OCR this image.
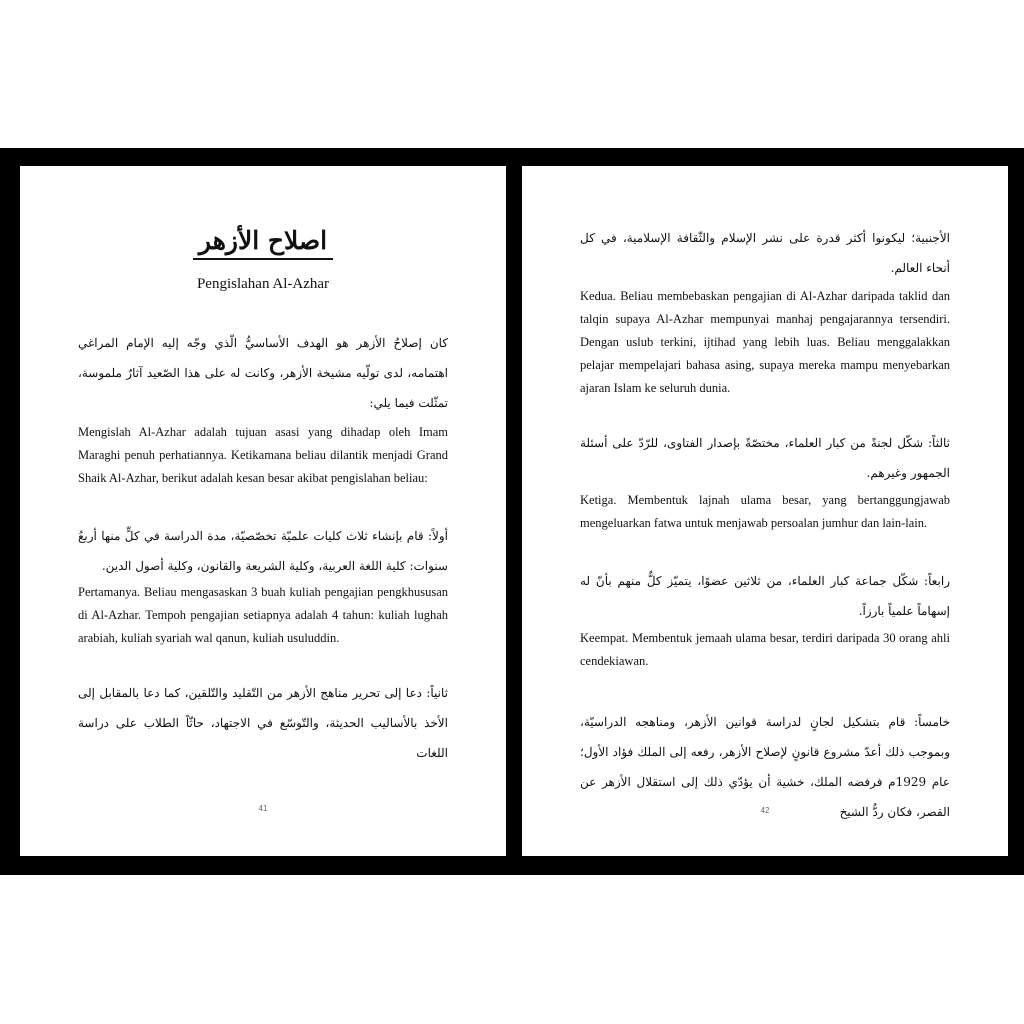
اصلاح الأزهر
Pengislahan Al-Azhar
كان إصلاحُ الأزهر هو الهدف الأساسيُّ الّذي وجّه إليه الإمام المراغي اهتمامه، لدى تولّيه مشيخة الأزهر، وكانت له على هذا الصّعيد آثارٌ ملموسة، تمثّلت فيما يلي:
Mengislah Al-Azhar adalah tujuan asasi yang dihadap oleh Imam Maraghi penuh perhatiannya. Ketikamana beliau dilantik menjadi Grand Shaik Al-Azhar, berikut adalah kesan besar akibat pengislahan beliau:
أولاً: قام بإنشاء ثلاث كليات علميّة تخصّصيّة، مدة الدراسة في كلٍّ منها أربعُ سنوات: كلية اللغة العربية، وكلية الشريعة والقانون، وكلية أصول الدين.
Pertamanya. Beliau mengasaskan 3 buah kuliah pengajian pengkhususan di Al-Azhar. Tempoh pengajian setiapnya adalah 4 tahun: kuliah lughah arabiah, kuliah syariah wal qanun, kuliah usuluddin.
ثانياً: دعا إلى تحرير مناهج الأزهر من التّقليد والتّلقين، كما دعا بالمقابل إلى الأخذ بالأساليب الحديثة، والتّوسّع في الاجتهاد، حاثّاً الطلاب على دراسة اللغات
41
الأجنبية؛ ليكونوا أكثر قدرة على نشر الإسلام والثّقافة الإسلامية، في كل أنحاء العالم.
Kedua. Beliau membebaskan pengajian di Al-Azhar daripada taklid dan talqin supaya Al-Azhar mempunyai manhaj pengajarannya tersendiri. Dengan uslub terkini, ijtihad yang lebih luas. Beliau menggalakkan pelajar mempelajari bahasa asing, supaya mereka mampu menyebarkan ajaran Islam ke seluruh dunia.
ثالثاً: شكّل لجنةً من كبار العلماء، مختصّةً بإصدار الفتاوى، للرّدّ على أسئلة الجمهور وغيرهم.
Ketiga. Membentuk lajnah ulama besar, yang bertanggungjawab mengeluarkan fatwa untuk menjawab persoalan jumhur dan lain-lain.
رابعاً: شكّل جماعة كبار العلماء، من ثلاثين عضوًا، يتميّز كلٌّ منهم بأنّ له إسهاماً علمياً بارزاً.
Keempat. Membentuk jemaah ulama besar, terdiri daripada 30 orang ahli cendekiawan.
خامساً: قام بتشكيل لجانٍ لدراسة قوانين الأزهر، ومناهجه الدراسيّة، وبموجب ذلك أعدّ مشروع قانونٍ لإصلاح الأزهر، رفعه إلى الملك فؤاد الأول؛ عام 1929م فرفضه الملك، خشية أن يؤدّي ذلك إلى استقلال الأزهر عن القصر، فكان ردُّ الشيخ
42
